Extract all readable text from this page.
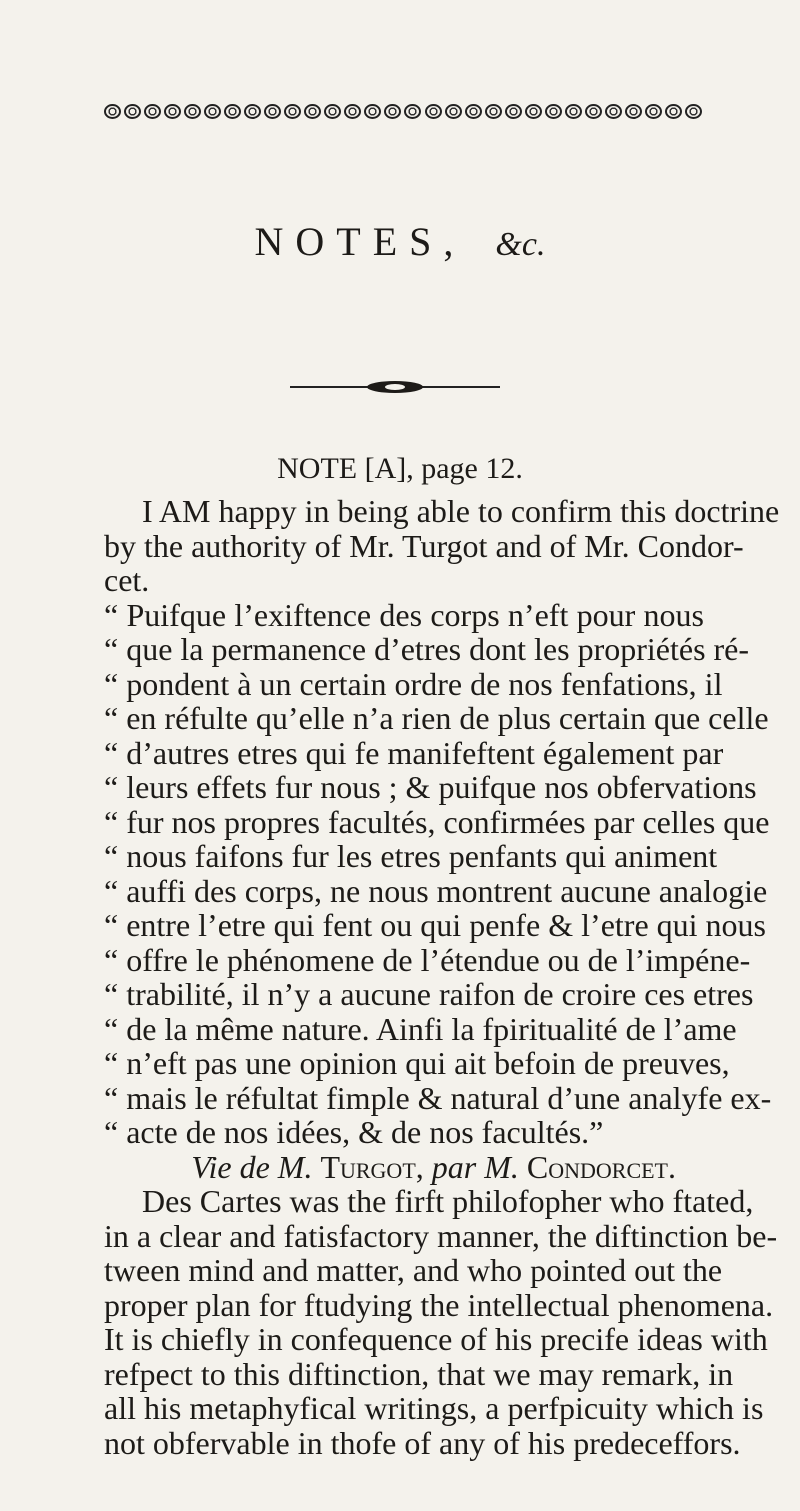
NOTES, &c.
NOTE [A], page 12.
I AM happy in being able to confirm this doctrine
by the authority of Mr. Turgot and of Mr. Condor-
cet.
“ Puifque l’exiftence des corps n’eft pour nous
“ que la permanence d’etres dont les propriétés ré-
“ pondent à un certain ordre de nos fenfations, il
“ en réfulte qu’elle n’a rien de plus certain que celle
“ d’autres etres qui fe manifeftent également par
“ leurs effets fur nous ; & puifque nos obfervations
“ fur nos propres facultés, confirmées par celles que
“ nous faifons fur les etres penfants qui animent
“ auffi des corps, ne nous montrent aucune analogie
“ entre l’etre qui fent ou qui penfe & l’etre qui nous
“ offre le phénomene de l’étendue ou de l’impéne-
“ trabilité, il n’y a aucune raifon de croire ces etres
“ de la même nature. Ainfi la fpiritualité de l’ame
“ n’eft pas une opinion qui ait befoin de preuves,
“ mais le réfultat fimple & natural d’une analyfe ex-
“ acte de nos idées, & de nos facultés.”
Vie de M. Turgot, par M. Condorcet.
Des Cartes was the firft philofopher who ftated,
in a clear and fatisfactory manner, the diftinction be-
tween mind and matter, and who pointed out the
proper plan for ftudying the intellectual phenomena.
It is chiefly in confequence of his precife ideas with
refpect to this diftinction, that we may remark, in
all his metaphyfical writings, a perfpicuity which is
not obfervable in thofe of any of his predeceffors.
